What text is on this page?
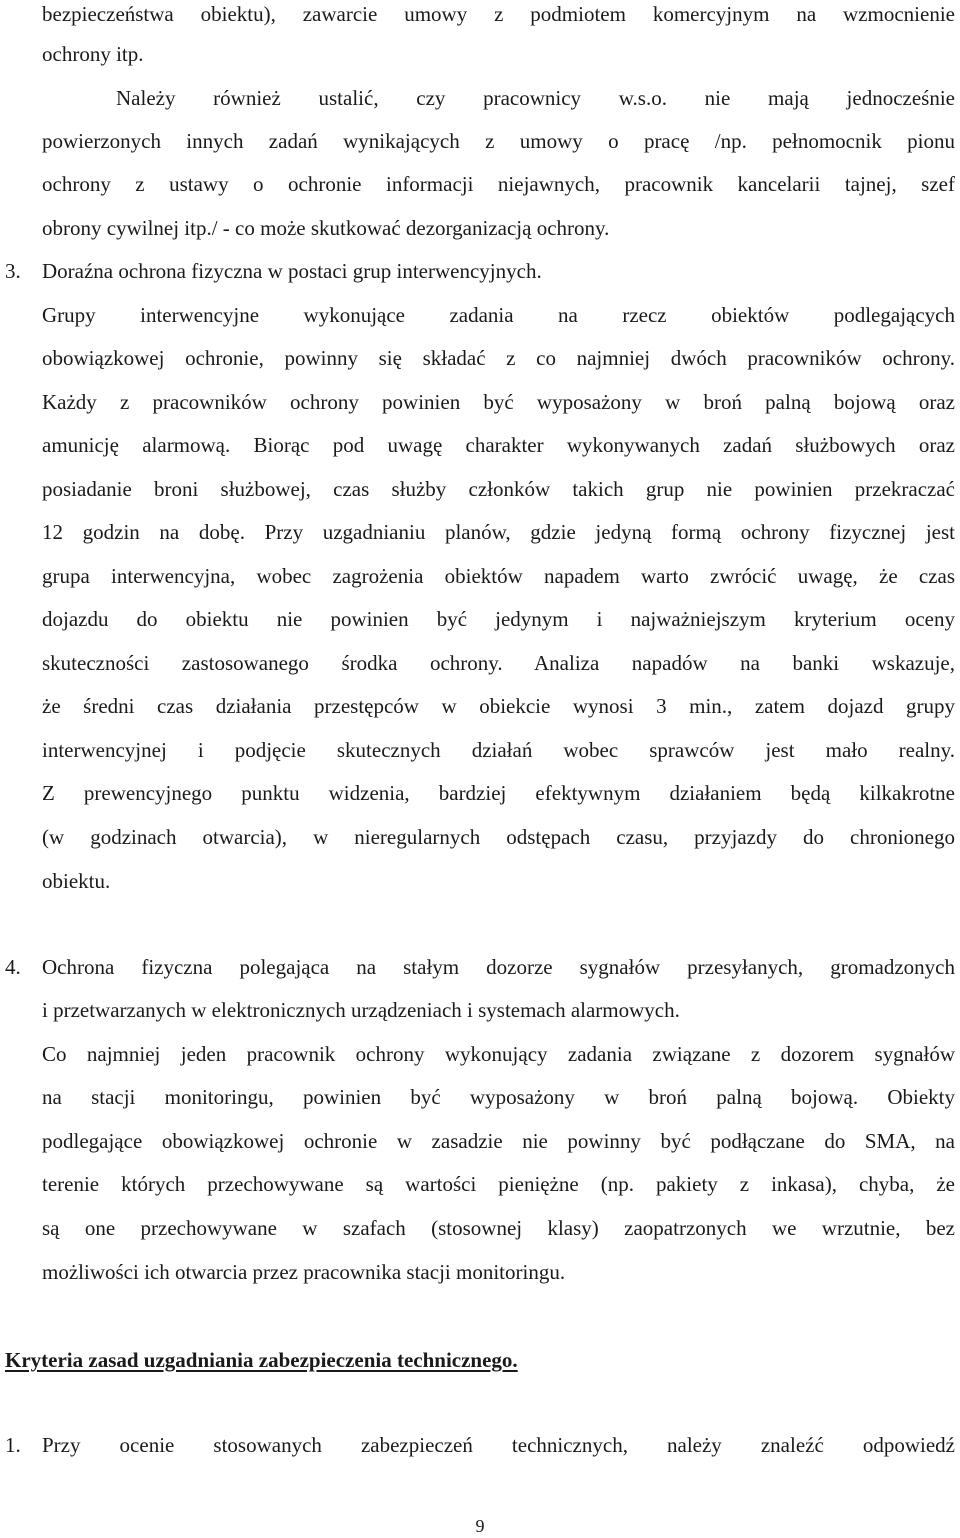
bezpieczeństwa obiektu), zawarcie umowy z podmiotem komercyjnym na wzmocnienie
ochrony itp.
Należy również ustalić, czy pracownicy w.s.o. nie mają jednocześnie
powierzonych innych zadań wynikających z umowy o pracę /np. pełnomocnik pionu
ochrony z ustawy o ochronie informacji niejawnych, pracownik kancelarii tajnej, szef
obrony cywilnej itp./ - co może skutkować dezorganizacją ochrony.
3. Doraźna ochrona fizyczna w postaci grup interwencyjnych.
Grupy interwencyjne wykonujące zadania na rzecz obiektów podlegających
obowiązkowej ochronie, powinny się składać z co najmniej dwóch pracowników ochrony.
Każdy z pracowników ochrony powinien być wyposażony w broń palną bojową oraz
amunicję alarmową. Biorąc pod uwagę charakter wykonywanych zadań służbowych oraz
posiadanie broni służbowej, czas służby członków takich grup nie powinien przekraczać
12 godzin na dobę. Przy uzgadnianiu planów, gdzie jedyną formą ochrony fizycznej jest
grupa interwencyjna, wobec zagrożenia obiektów napadem warto zwrócić uwagę, że czas
dojazdu do obiektu nie powinien być jedynym i najważniejszym kryterium oceny
skuteczności zastosowanego środka ochrony. Analiza napadów na banki wskazuje,
że średni czas działania przestępców w obiekcie wynosi 3 min., zatem dojazd grupy
interwencyjnej i podjęcie skutecznych działań wobec sprawców jest mało realny.
Z prewencyjnego punktu widzenia, bardziej efektywnym działaniem będą kilkakrotne
(w godzinach otwarcia), w nieregularnych odstępach czasu, przyjazdy do chronionego
obiektu.
4. Ochrona fizyczna polegająca na stałym dozorze sygnałów przesyłanych, gromadzonych
i przetwarzanych w elektronicznych urządzeniach i systemach alarmowych.
Co najmniej jeden pracownik ochrony wykonujący zadania związane z dozorem sygnałów
na stacji monitoringu, powinien być wyposażony w broń palną bojową. Obiekty
podlegające obowiązkowej ochronie w zasadzie nie powinny być podłączane do SMA, na
terenie których przechowywane są wartości pieniężne (np. pakiety z inkasa), chyba, że
są one przechowywane w szafach (stosownej klasy) zaopatrzonych we wrzutnie, bez
możliwości ich otwarcia przez pracownika stacji monitoringu.
Kryteria zasad uzgadniania zabezpieczenia technicznego.
1. Przy ocenie stosowanych zabezpieczeń technicznych, należy znaleźć odpowiedź
9
